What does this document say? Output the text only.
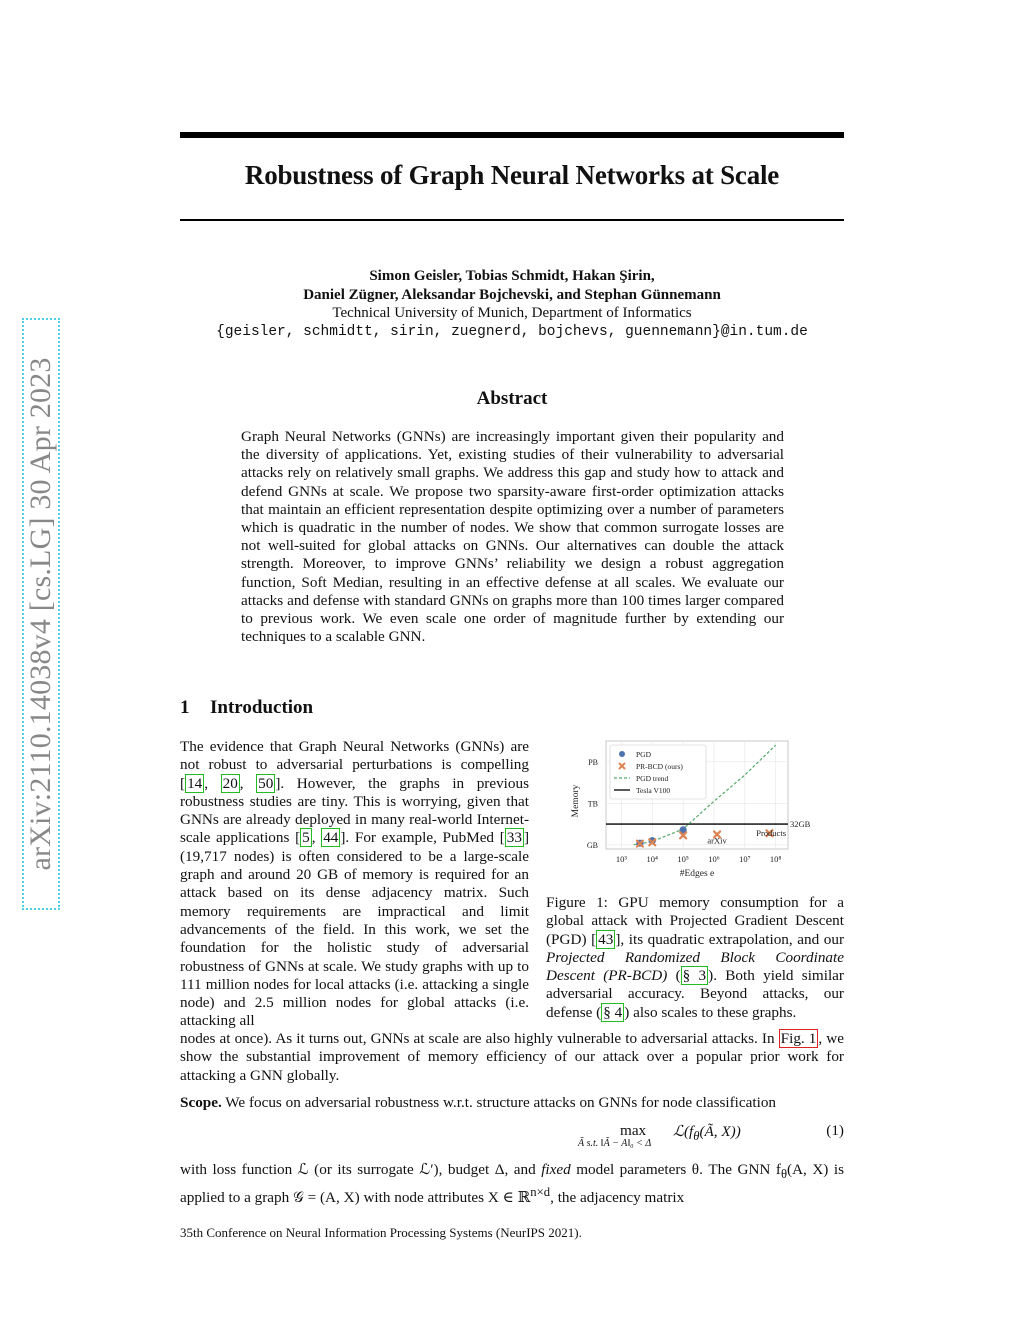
arXiv:2110.14038v4 [cs.LG] 30 Apr 2023
Robustness of Graph Neural Networks at Scale
Simon Geisler, Tobias Schmidt, Hakan Şirin,
Daniel Zügner, Aleksandar Bojchevski, and Stephan Günnemann
Technical University of Munich, Department of Informatics
{geisler, schmidtt, sirin, zuegnerd, bojchevs, guennemann}@in.tum.de
Abstract
Graph Neural Networks (GNNs) are increasingly important given their popularity and the diversity of applications. Yet, existing studies of their vulnerability to adversarial attacks rely on relatively small graphs. We address this gap and study how to attack and defend GNNs at scale. We propose two sparsity-aware first-order optimization attacks that maintain an efficient representation despite optimizing over a number of parameters which is quadratic in the number of nodes. We show that common surrogate losses are not well-suited for global attacks on GNNs. Our alternatives can double the attack strength. Moreover, to improve GNNs’ reliability we design a robust aggregation function, Soft Median, resulting in an effective defense at all scales. We evaluate our attacks and defense with standard GNNs on graphs more than 100 times larger compared to previous work. We even scale one order of magnitude further by extending our techniques to a scalable GNN.
1 Introduction
The evidence that Graph Neural Networks (GNNs) are not robust to adversarial perturbations is compelling [ 14 , 20 , 50 ]. However, the graphs in previous robustness studies are tiny. This is worrying, given that GNNs are already deployed in many real-world Internet-scale applications [ 5 , 44 ]. For example, PubMed [ 33 ] (19,717 nodes) is often considered to be a large-scale graph and around 20 GB of memory is required for an attack based on its dense adjacency matrix. Such memory requirements are impractical and limit advancements of the field. In this work, we set the foundation for the holistic study of adversarial robustness of GNNs at scale. We study graphs with up to 111 million nodes for local attacks (i.e. attacking a single node) and 2.5 million nodes for global attacks (i.e. attacking all
10³ 10⁴ 10⁵ 10⁶ 10⁷ 10⁸
GB
TB
PB
#Edges e
Memory
32GB
Products
arXiv
PGD
PR-BCD (ours)
PGD trend
Tesla V100
Figure 1: GPU memory consumption for a global attack with Projected Gradient Descent (PGD) [ 43 ], its quadratic extrapolation, and our Projected Randomized Block Coordinate Descent (PR-BCD) ( § 3 ). Both yield similar adversarial accuracy. Beyond attacks, our defense ( § 4 ) also scales to these graphs.
nodes at once). As it turns out, GNNs at scale are also highly vulnerable to adversarial attacks. In Fig. 1 , we show the substantial improvement of memory efficiency of our attack over a popular prior work for attacking a GNN globally.
Scope. We focus on adversarial robustness w.r.t. structure attacks on GNNs for node classification
max
Ã s.t. ‖Ã − A‖₀ < Δ
$ℒ(f_\theta(Ã$, X))	(1)
with loss function ℒ (or its surrogate ℒ′), budget Δ, and fixed model parameters θ. The GNN $f_\theta(A$, X) is applied to a graph 𝒢 = (A, X) with node attributes X ∈ ℝ$^{n\times d}$, the adjacency matrix
35th Conference on Neural Information Processing Systems (NeurIPS 2021).
